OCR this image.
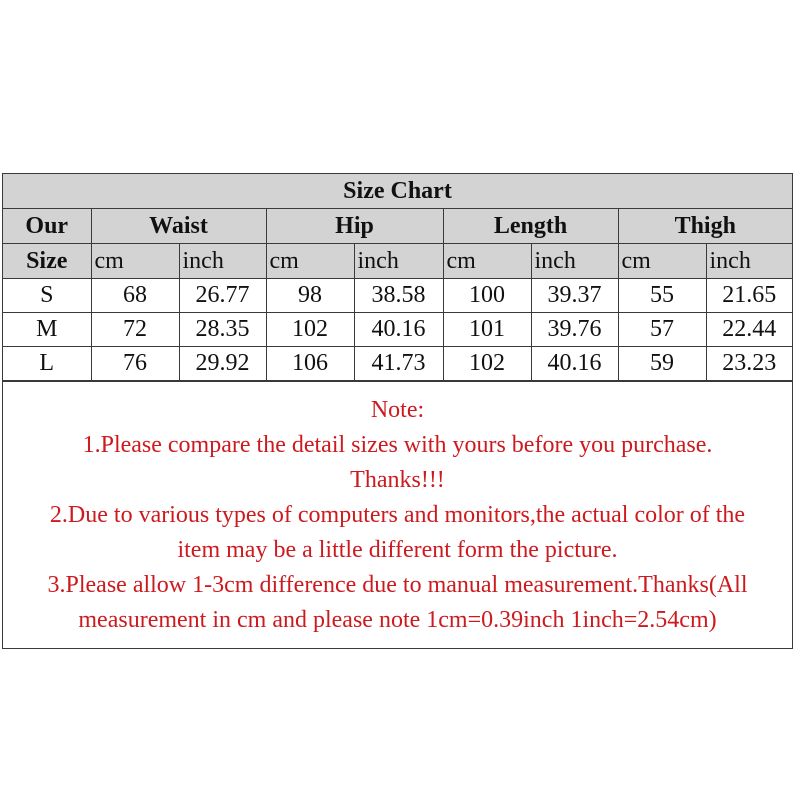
Size Chart								
Our	Waist		Hip		Length		Thigh	
Size	cm	inch	cm	inch	cm	inch	cm	inch
S	68	26.77	98	38.58	100	39.37	55	21.65
M	72	28.35	102	40.16	101	39.76	57	22.44
L	76	29.92	106	41.73	102	40.16	59	23.23
Note:
1.Please compare the detail sizes with yours before you purchase.
Thanks!!!
2.Due to various types of computers and monitors,the actual color of the
item may be a little different form the picture.
3.Please allow 1-3cm difference due to manual measurement.Thanks(All
measurement in cm and please note 1cm=0.39inch 1inch=2.54cm)
